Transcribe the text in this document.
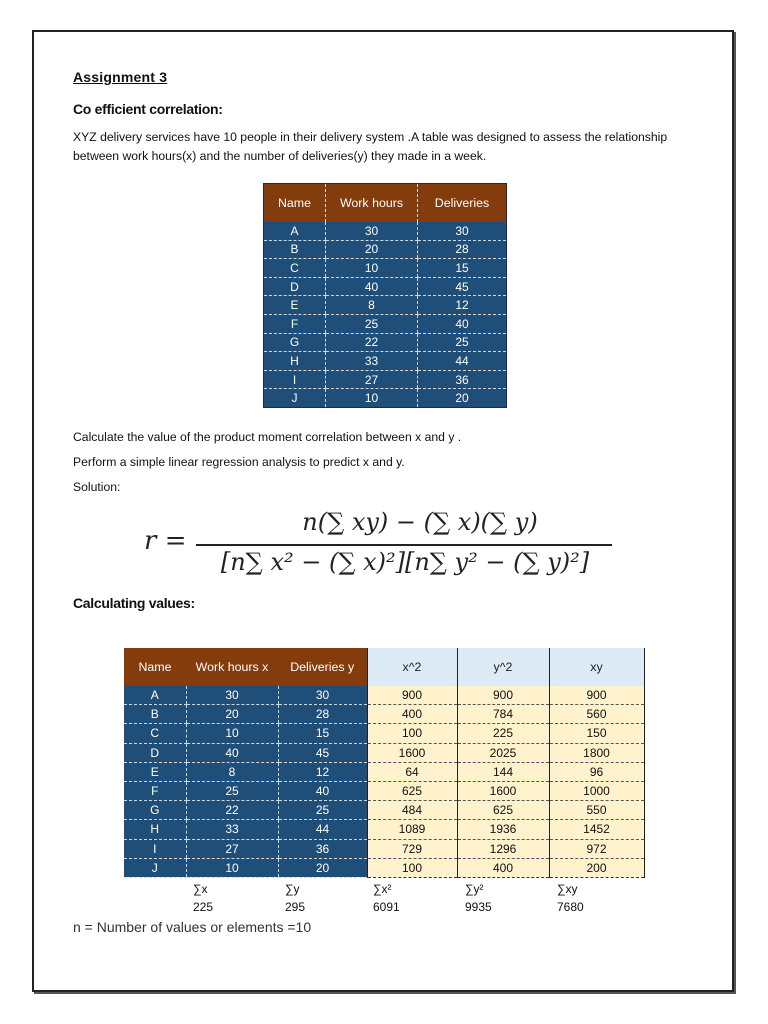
Assignment 3
Co efficient correlation:
XYZ delivery services have 10 people in their delivery system .A table was designed to assess the relationship between work hours(x) and the number of deliveries(y) they made in a week.
Name	Work hours	Deliveries
A	30	30
B	20	28
C	10	15
D	40	45
E	8	12
F	25	40
G	22	25
H	33	44
I	27	36
J	10	20
Calculate the value of the product moment correlation between x and y .
Perform a simple linear regression analysis to predict x and y.
Solution:
r =
n(∑ xy) − (∑ x)(∑ y)
[n∑ x² − (∑ x)²][n∑ y² − (∑ y)²]
Calculating values:
Name	Work hours x	Deliveries y	x^2	y^2	xy
A	30	30	900	900	900
B	20	28	400	784	560
C	10	15	100	225	150
D	40	45	1600	2025	1800
E	8	12	64	144	96
F	25	40	625	1600	1000
G	22	25	484	625	550
H	33	44	1089	1936	1452
I	27	36	729	1296	972
J	10	20	100	400	200
∑x
225
∑y
295
∑x²
6091
∑y²
9935
∑xy
7680
n = Number of values or elements =10
